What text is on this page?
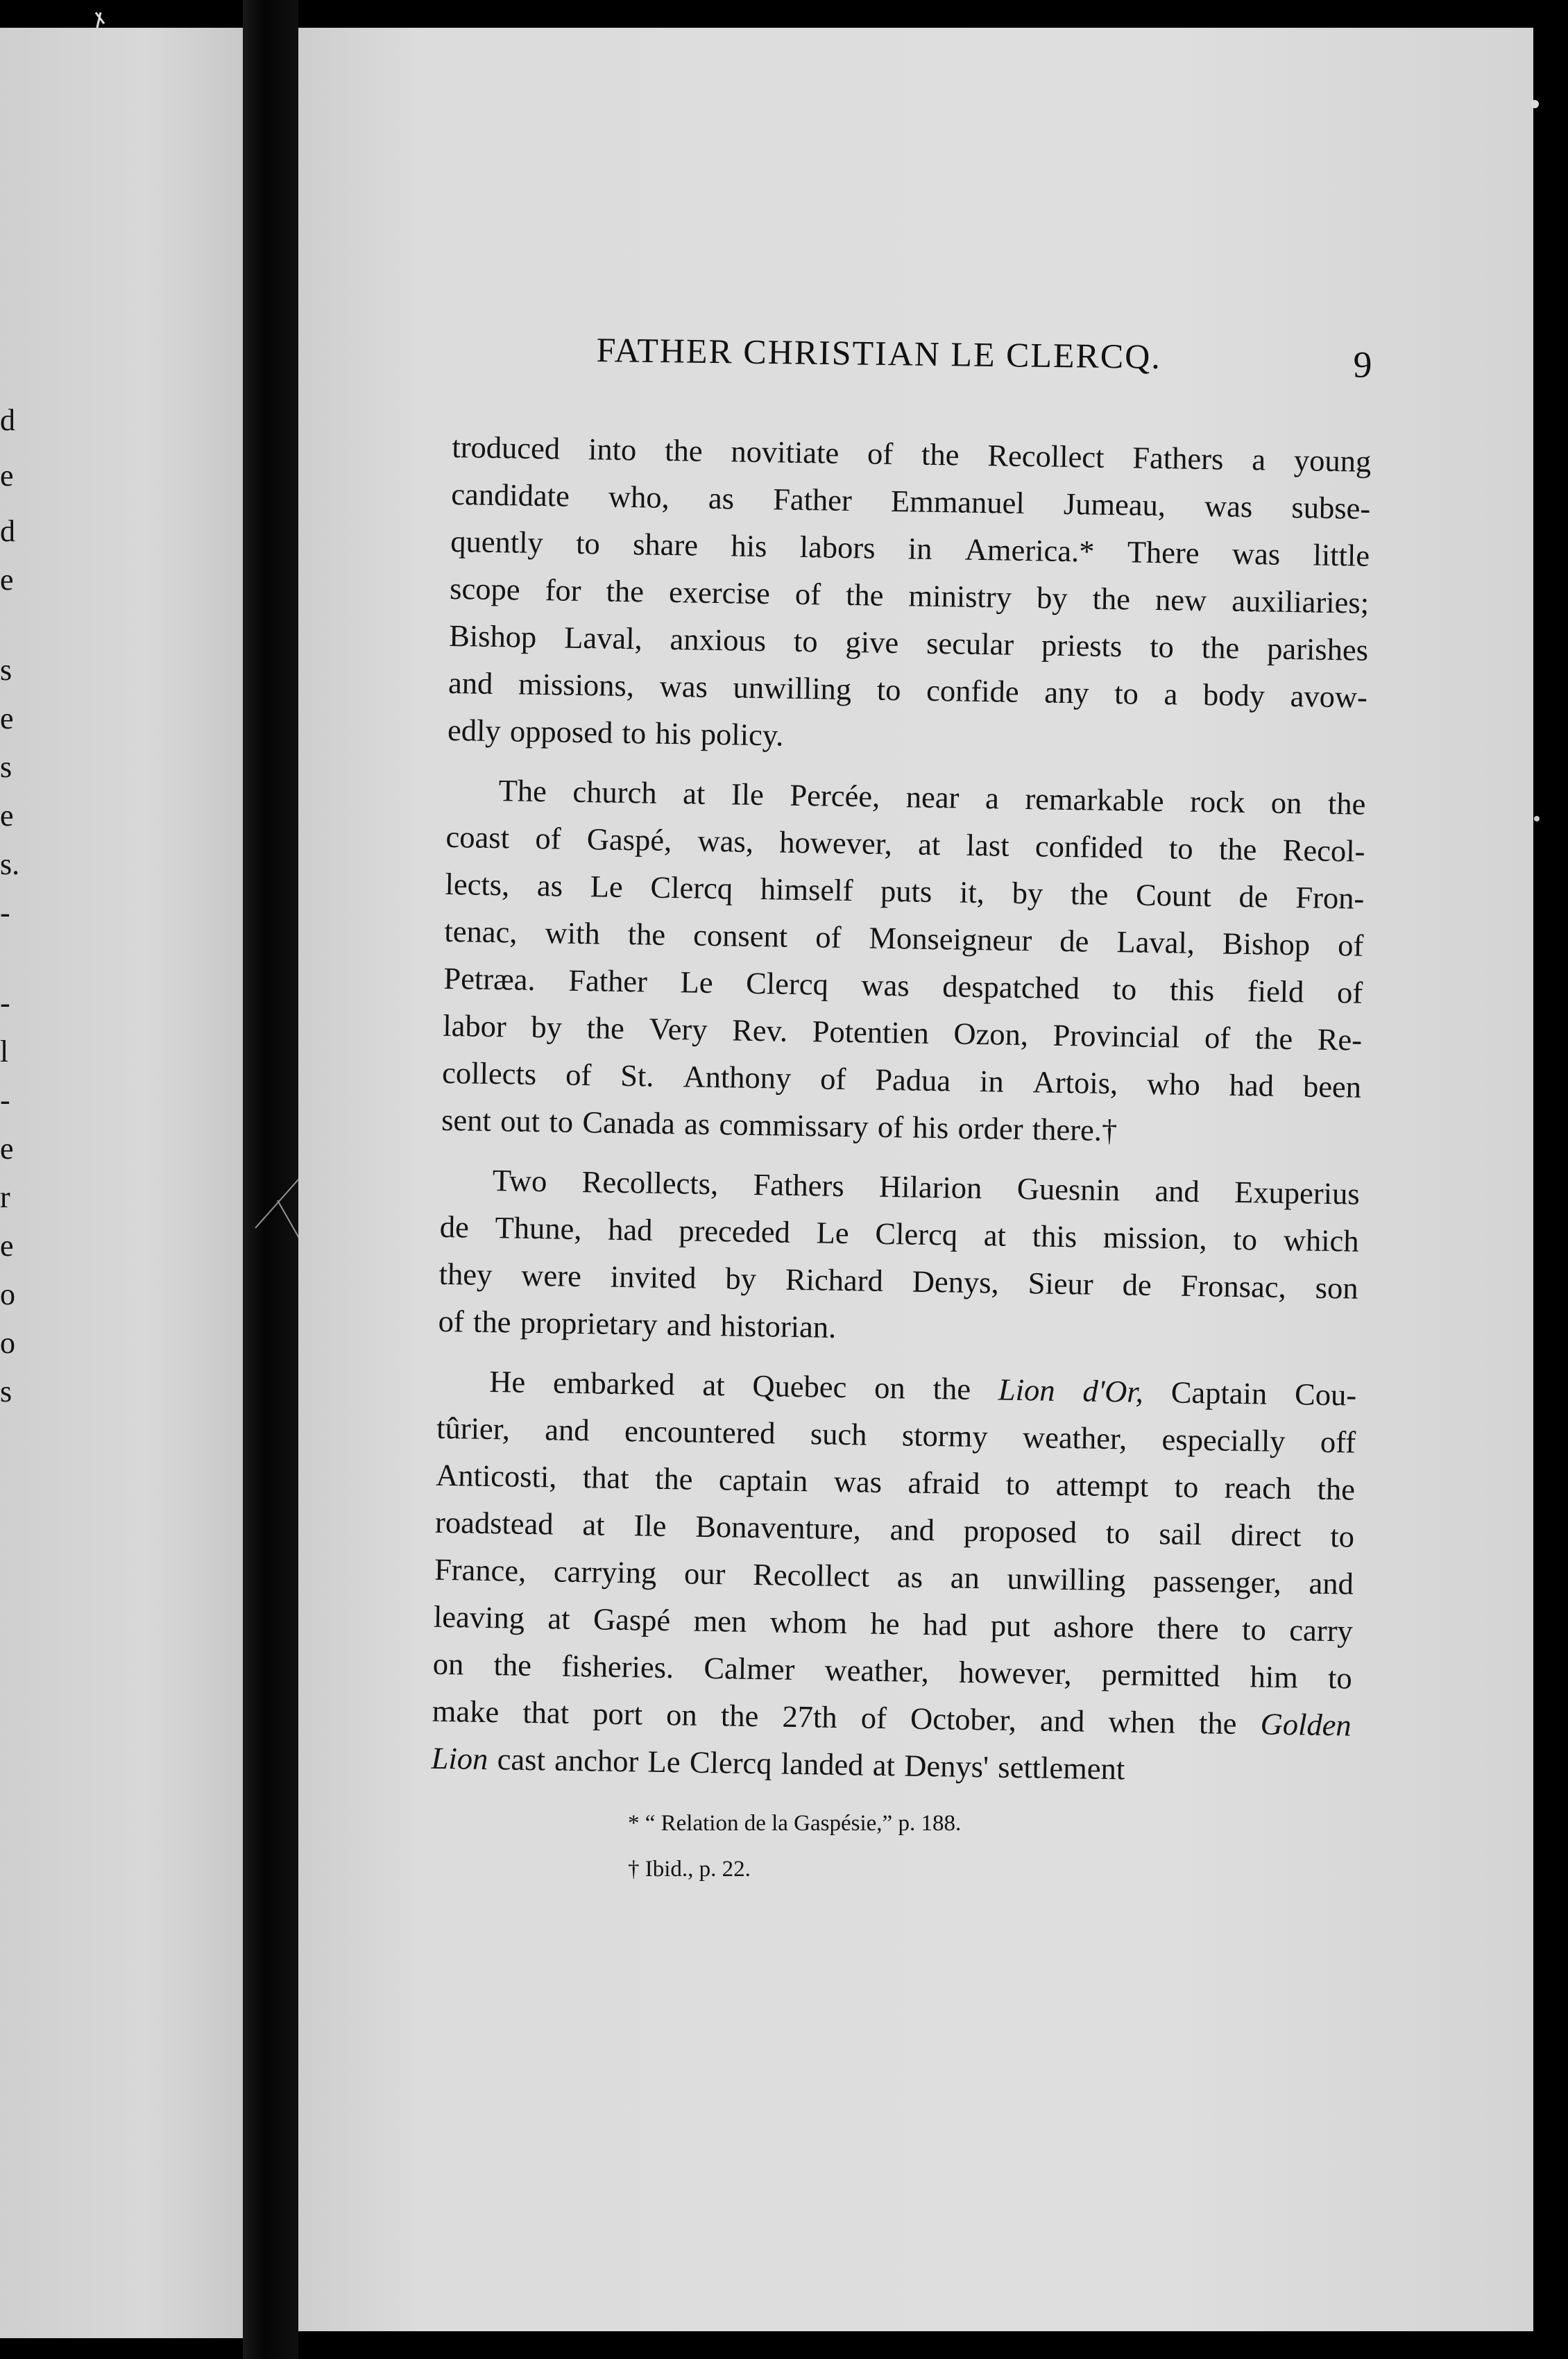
d
e
d
e
s
e
s
e
s.
-
-
l
-
e
r
e
o
o
s
FATHER CHRISTIAN LE CLERCQ.	9
troduced into the novitiate of the Recollect Fathers a young
candidate who, as Father Emmanuel Jumeau, was subse-
quently to share his labors in America.* There was little
scope for the exercise of the ministry by the new auxiliaries;
Bishop Laval, anxious to give secular priests to the parishes
and missions, was unwilling to confide any to a body avow-
edly opposed to his policy.
The church at Ile Percée, near a remarkable rock on the
coast of Gaspé, was, however, at last confided to the Recol-
lects, as Le Clercq himself puts it, by the Count de Fron-
tenac, with the consent of Monseigneur de Laval, Bishop of
Petræa. Father Le Clercq was despatched to this field of
labor by the Very Rev. Potentien Ozon, Provincial of the Re-
collects of St. Anthony of Padua in Artois, who had been
sent out to Canada as commissary of his order there.†
Two Recollects, Fathers Hilarion Guesnin and Exuperius
de Thune, had preceded Le Clercq at this mission, to which
they were invited by Richard Denys, Sieur de Fronsac, son
of the proprietary and historian.
He embarked at Quebec on the Lion d'Or, Captain Cou-
tûrier, and encountered such stormy weather, especially off
Anticosti, that the captain was afraid to attempt to reach the
roadstead at Ile Bonaventure, and proposed to sail direct to
France, carrying our Recollect as an unwilling passenger, and
leaving at Gaspé men whom he had put ashore there to carry
on the fisheries. Calmer weather, however, permitted him to
make that port on the 27th of October, and when the Golden
Lion cast anchor Le Clercq landed at Denys' settlement
* “ Relation de la Gaspésie,” p. 188.
† Ibid., p. 22.
